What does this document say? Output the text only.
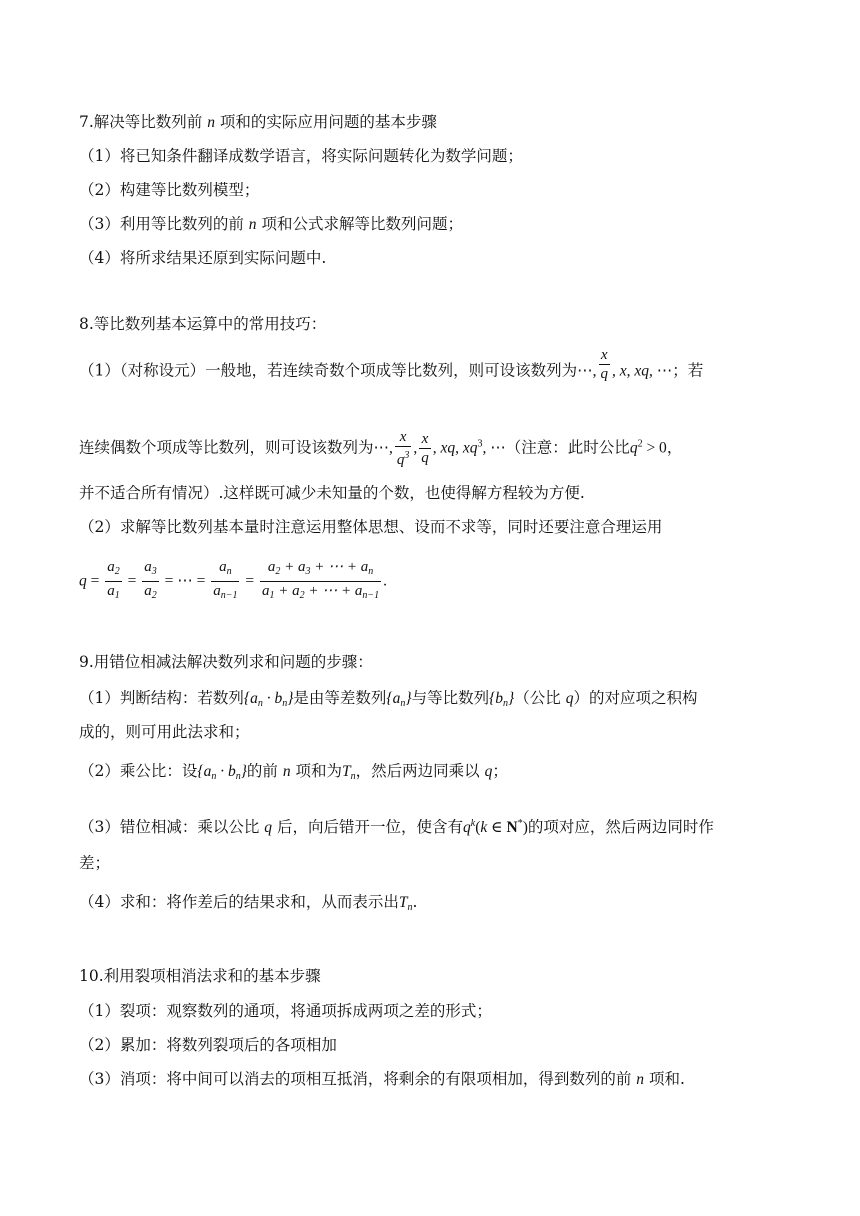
7.解决等比数列前 n 项和的实际应用问题的基本步骤
（1）将已知条件翻译成数学语言，将实际问题转化为数学问题；
（2）构建等比数列模型；
（3）利用等比数列的前 n 项和公式求解等比数列问题；
（4）将所求结果还原到实际问题中.
8.等比数列基本运算中的常用技巧：
（1）（对称设元）一般地，若连续奇数个项成等比数列，则可设该数列为⋯, $\frac{x}{q}$ , x, xq, ⋯；若
连续偶数个项成等比数列，则可设该数列为⋯, $\frac{x}{q^3}$ , $\frac{x}{q}$ , xq, $xq^3$, ⋯（注意：此时公比$q^2 > 0$，
并不适合所有情况）.这样既可减少未知量的个数，也使得解方程较为方便.
（2）求解等比数列基本量时注意运用整体思想、设而不求等，同时还要注意合理运用
$q = \frac{a_2}{a_1} = \frac{a_3}{a_2}$ = ⋯ = $\frac{a_n}{a_{n-1}} = \frac{a_2 + a_3 + \cdots + a_n}{a_1 + a_2 + \cdots + a_{n-1}}$ .
9.用错位相减法解决数列求和问题的步骤：
（1）判断结构：若数列$\{a_n \cdot b_n\}$是由等差数列$\{a_n\}$与等比数列$\{b_n\}$（公比 q）的对应项之积构
成的，则可用此法求和；
（2）乘公比：设$\{a_n \cdot b_n\}$的前 n 项和为$T_n$，然后两边同乘以 q；
（3）错位相减：乘以公比 q 后，向后错开一位，使含有$q^k(k$ ∈ N*)的项对应，然后两边同时作
差；
（4）求和：将作差后的结果求和，从而表示出$T_n$.
10.利用裂项相消法求和的基本步骤
（1）裂项：观察数列的通项，将通项拆成两项之差的形式；
（2）累加：将数列裂项后的各项相加
（3）消项：将中间可以消去的项相互抵消，将剩余的有限项相加，得到数列的前 n 项和.
